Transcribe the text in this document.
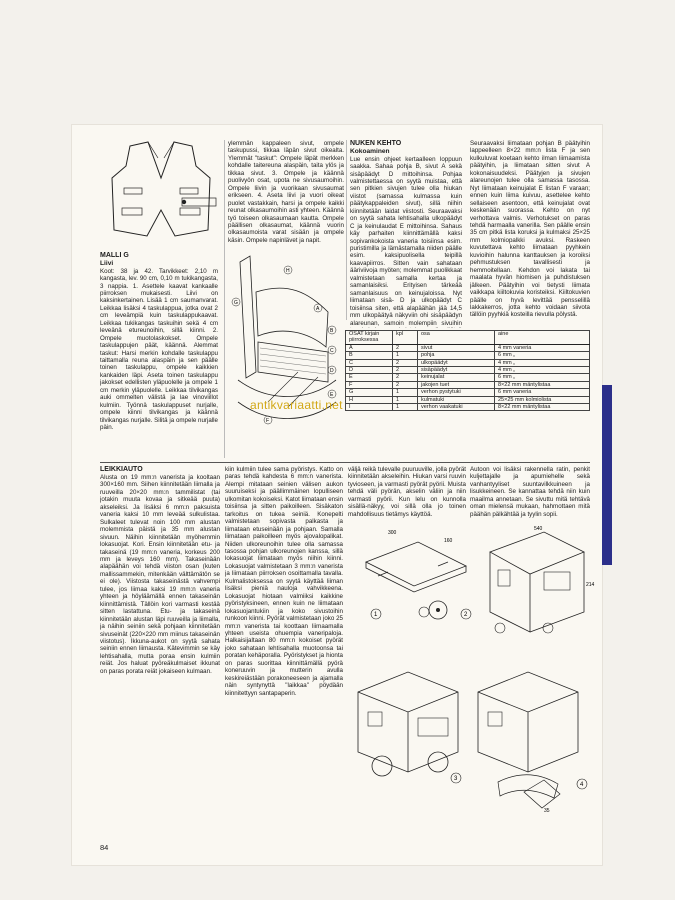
MALLI G
Liivi

Koot: 38 ja 42. Tarvikkeet: 2,10 m kangasta, lev. 90 cm, 0,10 m tukikangasta, 3 nappia. 1. Asettele kaavat kankaalle piirroksen mukaisesti. Liivi on kaksinkertainen. Lisää 1 cm saumanvarat. Leikkaa lisäksi 4 taskulappua, jotka ovat 2 cm leveämpiä kuin taskulappukaavat. Leikkaa tukikangas taskuihin sekä 4 cm leveänä etureunoihin, sillä kiinni. 2. Ompele muotolaskokset. Ompele taskulappujen päät, käännä. Alemmat taskut: Harsi merkin kohdalle taskulappu taittamalla reuna alaspäin ja sen päälle toinen taskulappu, ompele kaikkien kankaiden läpi. Aseta toinen taskulappu jakokset edellisten yläpuolelle ja ompele 1 cm merkin yläpuolelle. Leikkaa tilvikangas auki ommelten välistä ja lae vinoviillot kulmiin. Työnnä taskulappuset nurjalle, ompele kiinni tilvikangas ja käännä tilvikangas nurjalle. Silitä ja ompele nurjalle päin.

ylemmän kappaleen sivut, ompele taskupussi, tikkaa läpän sivut oikealta. Ylemmät "taskut": Ompele läpät merkken kohdalle taitereuna alaspäin, taita ylös ja tikkaa sivut. 3. Ompele ja käännä puolivyön osat, upota ne sivusaumoihin. Ompele liivin ja vuorikaan sivusaumat erikseen. 4. Aseta liivi ja vuori oikeat puolet vastakkain, harsi ja ompele kaikki reunat olkasaumoihin asti yhteen. Käännä työ toiseen olkasaumaan kautta. Ompele päällisen olkasaumat, käännä vuorin olkasaumoista varat sisään ja ompele käsin. Ompele napinlävet ja napit.

A
B
C
D
E
F
G
H
NUKEN KEHTO
Kokoaminen

Lue ensin ohjeet kertaalleen loppuun saakka. Sahaa pohja B, sivut A sekä sisäpäädyt D mittoihinsa. Pohjaa valmistettaessa on syytä muistaa, että sen pitkien sivujen tulee olla hiukan viistot (samassa kulmassa kuin päätykappaleiden sivut), sillä niihin kiinnitetään laidat viistosti. Seuraavaksi on syytä sahata lehtisahalla ulkopäädyt C ja keinulaudat E mittoihinsa. Sahaus käy parhaiten kiinnittämällä kaksi sopivankokoista vaneria toisiinsa esim. puristimilla ja lämästamalla niiden päälle esim. kaksipuolisella teipillä kaavapiirros. Sitten vain sahataan ääriviivoja myöten; molemmat puolikkaat valmistetaan samalla kertaa ja samanlaisiksi. Erityisen tärkeää samanlaisuus on keinujaloissa. Nyt liimataan sisä- D ja ulkopäädyt C toisiinsa siten, että alapäähän jää 14,5 mm ulkopäätyä näkyviin ohi sisäpäädyn alareunan, samoin molempiin sivuihin

Seuraavaksi liimataan pohjan B päätyihin lappeelleen 8×22 mm:n lista F ja sen kulkuluvat koetaan kehto ilman liimaamista päätyihin, ja liimataan sitten sivut A kokonaisuudeksi. Päätyjen ja sivujen alareunojen tulee olla samassa tasossa. Nyt liimataan keinujalat E listan F varaan; ennen kuin liima kuivuu, asettelee kehto sellaiseen asentoon, että keinujalat ovat keskenään suorassa. Kehto on nyt verhottava valmis. Verhotukset on paras tehdä harmaalla vanerilla. Sen päälle ensin 35 cm pitkä lista koruksi ja kulmaksi 25×25 mm kolmiopalkki avuksi. Raskeen kuvutettava kehto liimataan pyyhkein kuvioihin halunna kanttauksen ja koroiksi pehmustuksen tavallisesti ja hemmoitellaan. Kehdon voi lakata tai maalata hyvän hiomisen ja puhdistuksen jälkeen. Päätyihin voi tietysti liimata vaikkapa kiiltokuvia koristeiksi. Kiiltokuvien päälle on hyvä levittää pensselillä lakkakerros, jotta kehto voidaan siivota tällöin pyyhkiä kosteilla rievulla pölystä.

OSAT kirjain piirroksessa	kpl	osa	aine
A	2	sivut	4 mm vaneria
B	1	pohja	6 mm „
C	2	ulkopäädyt	4 mm „
D	2	sisäpäädyt	4 mm „
E	2	keinujalat	6 mm „
F	2	jakojen tuet	8×22 mm mäntylistaa
G	1	verhon pystytuki	6 mm vaneria
H	1	kulmatuki	25×25 mm kolmiolista
I	1	verhon vaakatuki	8×22 mm mäntylistaa
antikvariaatti.net
LEIKKIAUTO

Alusta on 19 mm:n vanerista ja kooltaan 300×160 mm. Siihen kiinnitetään liimalla ja ruuveilla 20×20 mm:n tammilistat (tai jotakin muuta kovaa ja sitkeää puuta) akseleiksi. Ja lisäksi 6 mm:n paksuista vaneria kaksi 10 mm leveää sulkulistaa. Sulkaleet tulevat noin 100 mm alustan molemmista päistä ja 35 mm alustan sivuun. Näihin kiinnitetään myöhemmin lokasuojat. Kori. Ensin kiinnitetään etu- ja takaseinä (19 mm:n vaneria, korkeus 200 mm ja leveys 160 mm). Takaseinään alapäähän voi tehdä viiston osan (kuten mallissammekin, mitenkään välttämätön se ei ole). Viistosta takaseinästä vahvempi tulee, jos liimaa kaksi 19 mm:n vaneria yhteen ja höyläämällä ennen takaseinän kiinnittämistä. Tällöin kori varmasti kestää sitten lastattuna. Etu- ja takaseinä kiinnitetään alustan läpi ruuveilla ja liimalla, ja näihin seiniin sekä pohjaan kiinnitetään sivuseinät (220×220 mm miinus takaseinän viistotus). Ikkuna-aukot on syytä sahata seiniin ennen liimausta. Kätevimmin se käy lehtisahalla, mutta poraa ensin kulmiin reiät. Jos haluat pyöreäkulmaiset ikkunat on paras porata reiät jokaiseen kulmaan.

kiin kulmiin tulee sama pyöristys. Katto on paras tehdä kahdesta 6 mm:n vanerista. Alempi mitataan seinien välisen aukon suuruiseksi ja päällimmäinen lopulliseen ulkomitan kokoiseksi. Katot liimataan ensin toisiinsa ja sitten paikoilleen. Sisäkaton tarkoitus on tukea seiniä. Konepelti valmistetaan sopivasta palkasta ja liimataan etuseinään ja pohjaan. Samalla liimataan paikoilleen myös ajovalopalikat. Niiden ulkoreunoihin tulee olla samassa tasossa pohjan ulkoreunojen kanssa, sillä lokasuojat liimataan myös niihin kiinni. Lokasuojat valmistetaan 3 mm:n vanerista ja liimataan piirroksen osoittamalla tavalla. Kulmalistoksessa on syytä käyttää liiman lisäksi pieniä nauloja vahvikkeena. Lokasuojat hiotaan valmiiksi kaikkine pyöristyksineen, ennen kuin ne liimataan lokasuojantukiin ja koko sivustoihin runkoon kiinni. Pyörät valmistetaan joko 25 mm:n vanerista tai koottaan liimaamalla yhteen useista ohuempia vaneripaloja. Halkaisijaltaan 80 mm:n kokoiset pyörät joko sahataan lehtisahalla muotoonsa tai poratan kehäporalla. Pyöristykset ja hionta on paras suorittaa kiinnittämällä pyörä koneruuvin ja mutterin avulla keskireiästään porakoneeseen ja ajamalla näin syntynyttä "laikkaa" pöydään kiinnitettyyn santapaperin.

väljä reikä tulevalle puuruuville, jolla pyörät kiinnitetään akseleihin. Hiukan varsi ruuvin tyvioseen, ja varmasti pyörät pyörii. Muista tehdä väli pyörän, akselin väliin ja niin varmasti pyörii. Kun lelu on kunnolla sisällä-näkyy, voi sillä olla jo toinen mahdollisuus tietämys käyttöä.

Autoon voi lisäksi rakennella ratin, penkit kuljettajalle ja apumiehelle sekä vanhantyyliset suuntavilkkuineen ja lisukkeineen. Se kannattaa tehdä niin kuin maailma annetaan. Se sivuttu mitä tehtävä oman mielensä mukaan, hahmottaen mitä päähän pälkähtää ja tyylin sopii.

300
160
1	2
540
214
3
4
35
84
